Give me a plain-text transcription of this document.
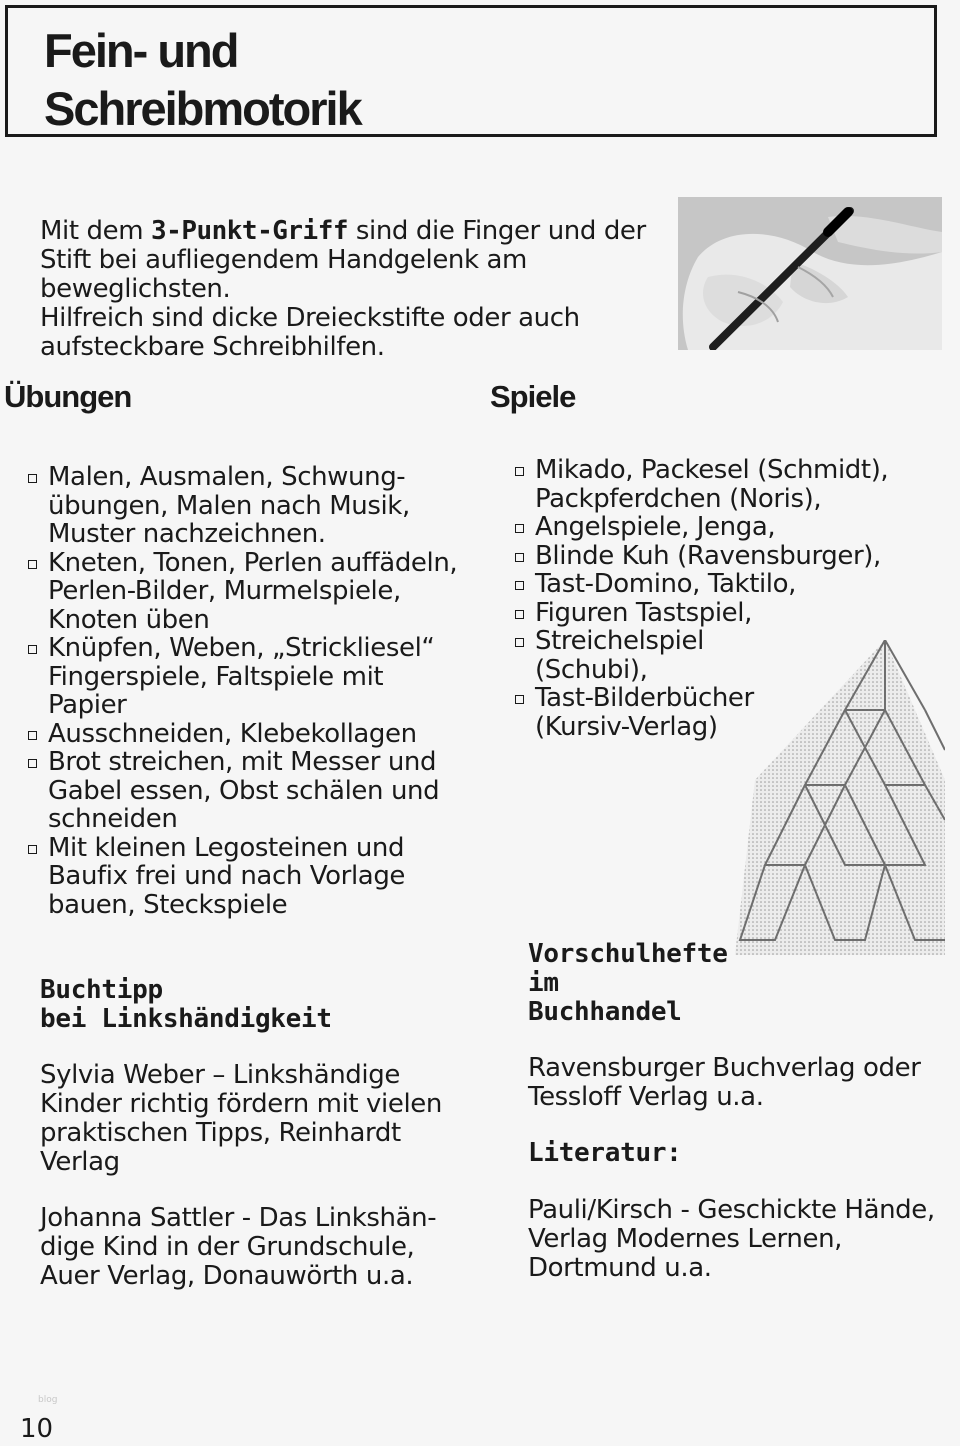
Fein- und
Schreibmotorik

Mit dem 3-Punkt-Griff sind die Finger und der Stift bei aufliegendem Handgelenk am beweglichsten.

Hilfreich sind dicke Dreieckstifte oder auch aufsteckbare Schreibhilfen.

Übungen	Spiele
Malen, Ausmalen, Schwungübungen, Malen nach Musik, Muster nachzeichnen.
Kneten, Tonen, Perlen auffädeln, Perlen-Bilder, Murmelspiele, Knoten üben
Knüpfen, Weben, „Strickliesel“ Fingerspiele, Faltspiele mit Papier
Ausschneiden, Klebekollagen
Brot streichen, mit Messer und Gabel essen, Obst schälen und schneiden
Mit kleinen Legosteinen und Baufix frei und nach Vorlage bauen, Steckspiele
Mikado, Packesel (Schmidt), Packpferdchen (Noris),
Angelspiele, Jenga,
Blinde Kuh (Ravensburger),
Tast-Domino, Taktilo,
Figuren Tastspiel,
Streichelspiel (Schubi),
Tast-Bilderbücher (Kursiv-Verlag)
Buchtipp
bei Linkshändigkeit

Sylvia Weber – Linkshändige Kinder richtig fördern mit vielen praktischen Tipps, Reinhardt Verlag

Johanna Sattler - Das Linkshändige Kind in der Grundschule, Auer Verlag, Donauwörth u.a.

Vorschulhefte
im
Buchhandel

Ravensburger Buchverlag oder Tessloff Verlag u.a.

Literatur:

Pauli/Kirsch - Geschickte Hände, Verlag Modernes Lernen, Dortmund u.a.

blog
10
